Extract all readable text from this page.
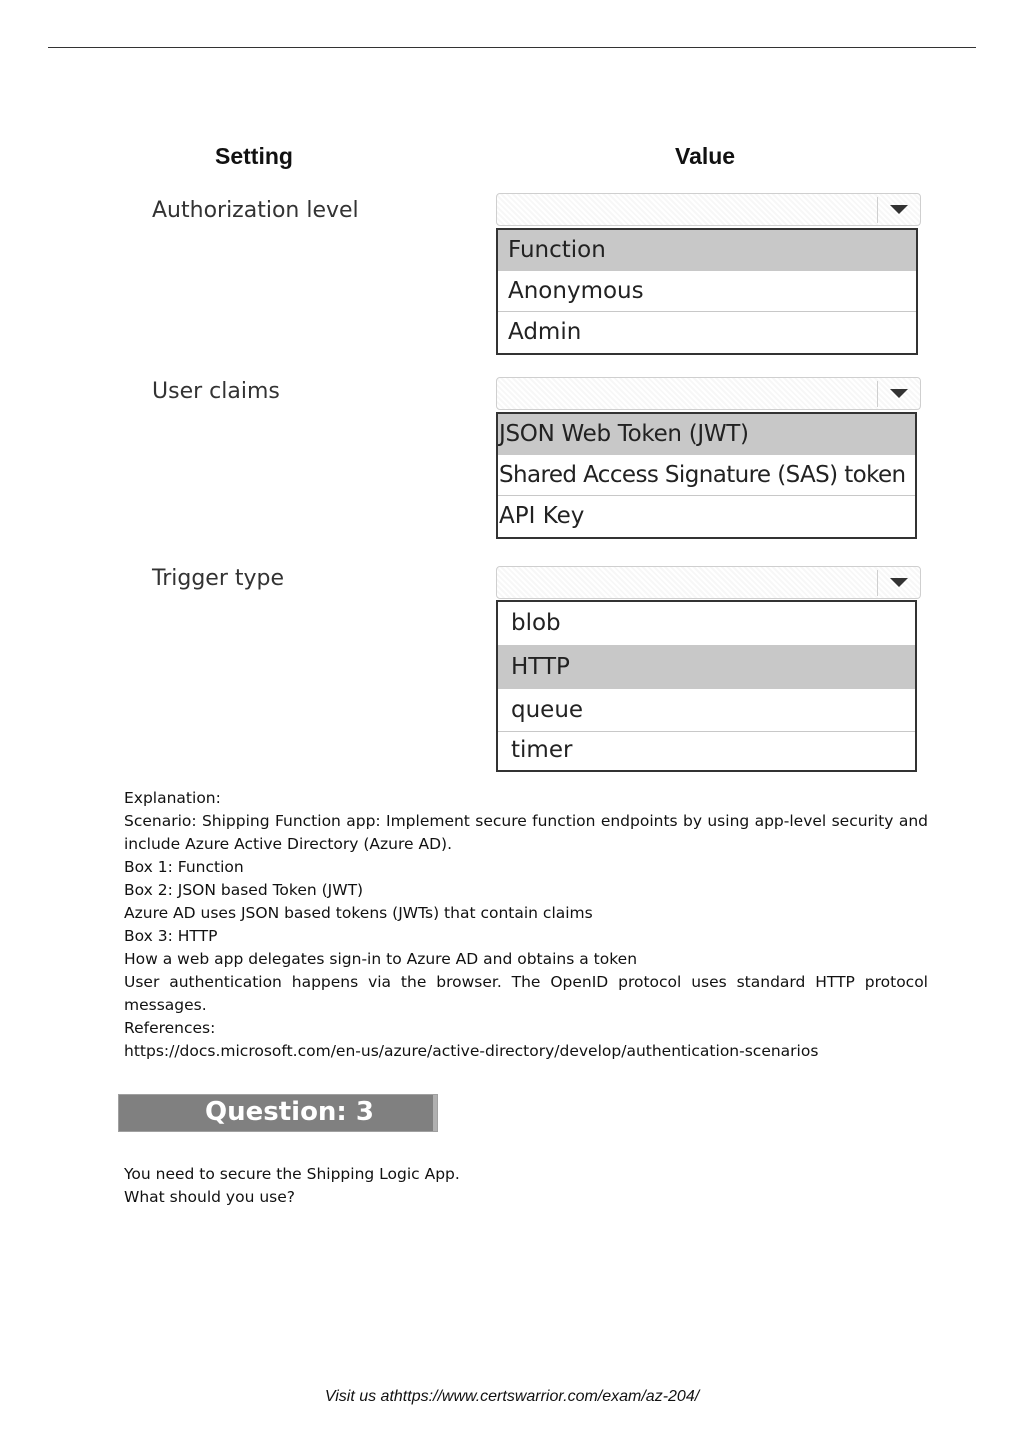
Setting	Value
Authorization level
Function
Anonymous
Admin
User claims
JSON Web Token (JWT)
Shared Access Signature (SAS) token
API Key
Trigger type
blob
HTTP
queue
timer

Explanation:

Scenario: Shipping Function app: Implement secure function endpoints by using app-level security and include Azure Active Directory (Azure AD).

Box 1: Function

Box 2: JSON based Token (JWT)

Azure AD uses JSON based tokens (JWTs) that contain claims

Box 3: HTTP

How a web app delegates sign-in to Azure AD and obtains a token

User authentication happens via the browser. The OpenID protocol uses standard HTTP protocol messages.

References:

https://docs.microsoft.com/en-us/azure/active-directory/develop/authentication-scenarios

Question: 3

You need to secure the Shipping Logic App.

What should you use?

Visit us athttps://www.certswarrior.com/exam/az-204/
